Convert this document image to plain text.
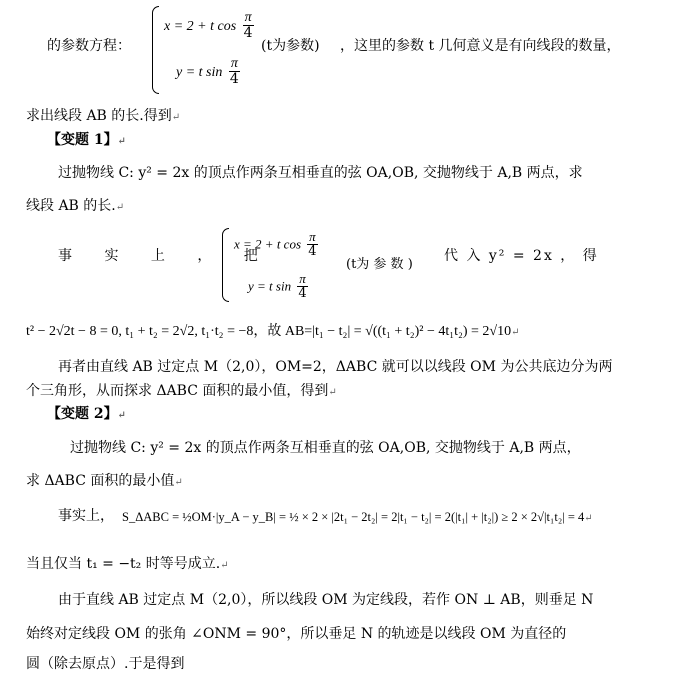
的参数方程：
x = 2 + t $\cos \frac{\pi}{4}$
(t为参数) ，这里的参数 t 几何意义是有向线段的数量，
y = t $\sin \frac{\pi}{4}$
求出线段 AB 的长.得到↵
【变题 1】↵
过抛物线 C: y² = 2x 的顶点作两条互相垂直的弦 OA,OB, 交抛物线于 A,B 两点，求
线段 AB 的长.↵
事 实 上 ， 把
x = 2 + t $\cos \frac{\pi}{4}$
(t为 参 数 )
y = t $\sin \frac{\pi}{4}$
代 入 y² = 2x ， 得
t² − 2√2t − 8 = 0, t₁ + t₂ = 2√2, t₁·t₂ = −8，故 AB=|t₁ − t₂| = √((t₁ + t₂)² − 4t₁t₂) = 2√10↵
再者由直线 AB 过定点 M（2,0），OM=2，ΔABC 就可以以线段 OM 为公共底边分为两
个三角形，从而探求 ΔABC 面积的最小值，得到↵
【变题 2】↵
过抛物线 C: y² = 2x 的顶点作两条互相垂直的弦 OA,OB, 交抛物线于 A,B 两点，
求 ΔABC 面积的最小值↵
事实上， S_ΔABC = ½OM·|y_A − y_B| = ½ × 2 × |2t₁ − 2t₂| = 2|t₁ − t₂| = 2(|t₁| + |t₂|) ≥ 2 × 2√|t₁t₂| = 4↵
当且仅当 t₁ = −t₂ 时等号成立.↵
由于直线 AB 过定点 M（2,0），所以线段 OM 为定线段，若作 ON ⊥ AB，则垂足 N
始终对定线段 OM 的张角 ∠ONM = 90°，所以垂足 N 的轨迹是以线段 OM 为直径的
圆（除去原点）.于是得到
